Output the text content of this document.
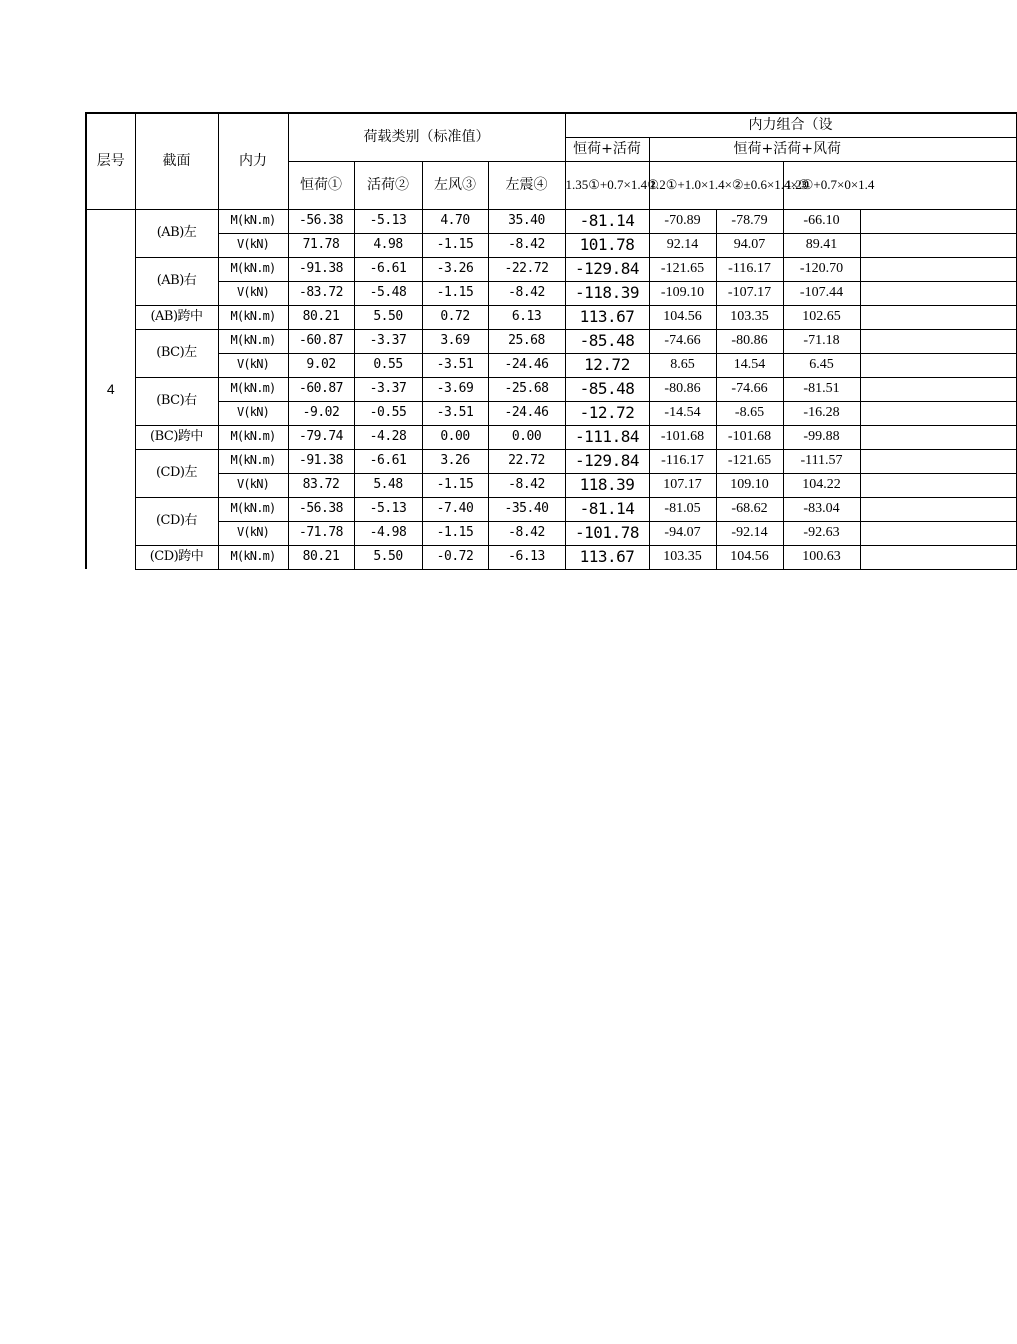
层号	截面	内力	荷载类别（标准值）				内力组合（设				
							恒荷+活荷	恒荷+活荷+风荷			
			恒荷①	活荷②	左风③	左震④	1.35①+0.7×1.4②	1.2①+1.0×1.4×②±0.6×1.4×③		1.2①+0.7×0×1.4	
4	(AB)左	M(kN.m)	-56.38	-5.13	4.70	35.40	-81.14	-70.89	-78.79	-66.10	
		V(kN)	71.78	4.98	-1.15	-8.42	101.78	92.14	94.07	89.41	
	(AB)右	M(kN.m)	-91.38	-6.61	-3.26	-22.72	-129.84	-121.65	-116.17	-120.70	
		V(kN)	-83.72	-5.48	-1.15	-8.42	-118.39	-109.10	-107.17	-107.44	
	(AB)跨中	M(kN.m)	80.21	5.50	0.72	6.13	113.67	104.56	103.35	102.65	
	(BC)左	M(kN.m)	-60.87	-3.37	3.69	25.68	-85.48	-74.66	-80.86	-71.18	
		V(kN)	9.02	0.55	-3.51	-24.46	12.72	8.65	14.54	6.45	
	(BC)右	M(kN.m)	-60.87	-3.37	-3.69	-25.68	-85.48	-80.86	-74.66	-81.51	
		V(kN)	-9.02	-0.55	-3.51	-24.46	-12.72	-14.54	-8.65	-16.28	
	(BC)跨中	M(kN.m)	-79.74	-4.28	0.00	0.00	-111.84	-101.68	-101.68	-99.88	
	(CD)左	M(kN.m)	-91.38	-6.61	3.26	22.72	-129.84	-116.17	-121.65	-111.57	
		V(kN)	83.72	5.48	-1.15	-8.42	118.39	107.17	109.10	104.22	
	(CD)右	M(kN.m)	-56.38	-5.13	-7.40	-35.40	-81.14	-81.05	-68.62	-83.04	
		V(kN)	-71.78	-4.98	-1.15	-8.42	-101.78	-94.07	-92.14	-92.63	
	(CD)跨中	M(kN.m)	80.21	5.50	-0.72	-6.13	113.67	103.35	104.56	100.63	
